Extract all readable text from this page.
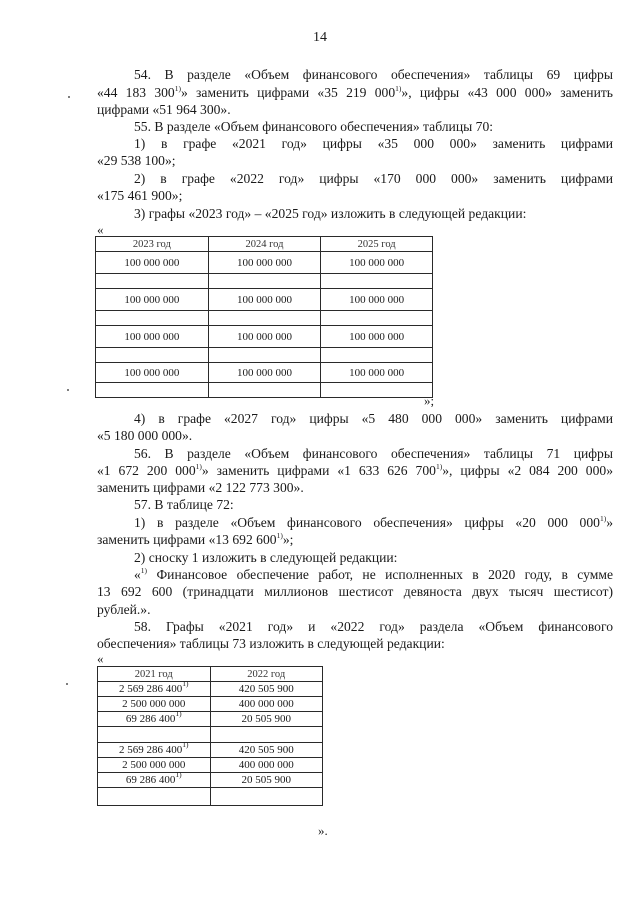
14
54. В разделе «Объем финансового обеспечения» таблицы 69 цифры
«44 183 300$^{1)}$» заменить цифрами «35 219 000$^{1)}$», цифры «43 000 000» заменить
цифрами «51 964 300».
55. В разделе «Объем финансового обеспечения» таблицы 70:
1) в графе «2021 год» цифры «35 000 000» заменить цифрами
«29 538 100»;
2) в графе «2022 год» цифры «170 000 000» заменить цифрами
«175 461 900»;
3) графы «2023 год» – «2025 год» изложить в следующей редакции:
«
2023 год	2024 год	2025 год
100 000 000	100 000 000	100 000 000

100 000 000	100 000 000	100 000 000

100 000 000	100 000 000	100 000 000

100 000 000	100 000 000	100 000 000

»;
4) в графе «2027 год» цифры «5 480 000 000» заменить цифрами
«5 180 000 000».
56. В разделе «Объем финансового обеспечения» таблицы 71 цифры
«1 672 200 000$^{1)}$» заменить цифрами «1 633 626 700$^{1)}$», цифры «2 084 200 000»
заменить цифрами «2 122 773 300».
57. В таблице 72:
1) в разделе «Объем финансового обеспечения» цифры «20 000 000$^{1)}$»
заменить цифрами «13 692 600$^{1)}$»;
2) сноску 1 изложить в следующей редакции:
«$^{1)}$ Финансовое обеспечение работ, не исполненных в 2020 году, в сумме
13 692 600 (тринадцати миллионов шестисот девяноста двух тысяч шестисот)
рублей.».
58. Графы «2021 год» и «2022 год» раздела «Объем финансового
обеспечения» таблицы 73 изложить в следующей редакции:
«
2021 год	2022 год
2 569 286 400$^{1)}$	420 505 900
2 500 000 000	400 000 000
69 286 400$^{1)}$	20 505 900

2 569 286 400$^{1)}$	420 505 900
2 500 000 000	400 000 000
69 286 400$^{1)}$	20 505 900

».
